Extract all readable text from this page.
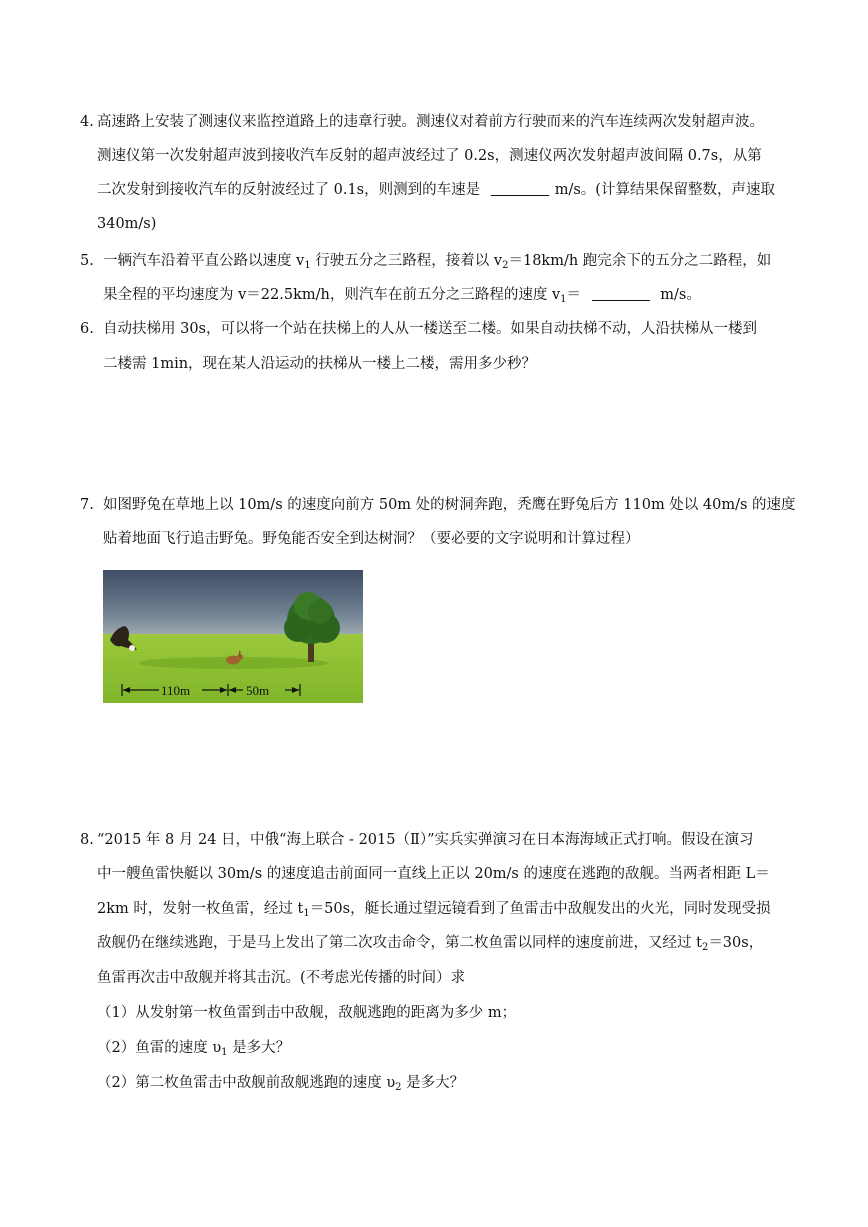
4. 高速路上安装了测速仪来监控道路上的违章行驶。测速仪对着前方行驶而来的汽车连续两次发射超声波。
测速仪第一次发射超声波到接收汽车反射的超声波经过了 0.2s，测速仪两次发射超声波间隔 0.7s，从第
二次发射到接收汽车的反射波经过了 0.1s，则测到的车速是	m/s。(计算结果保留整数，声速取
340m/s)
5. 一辆汽车沿着平直公路以速度 $v_1$ 行驶五分之三路程，接着以 $v_2=18km/h$ 跑完余下的五分之二路程，如
果全程的平均速度为 v＝22.5km/h，则汽车在前五分之三路程的速度 $v_1=$	m/s。
6. 自动扶梯用 30s，可以将一个站在扶梯上的人从一楼送至二楼。如果自动扶梯不动，人沿扶梯从一楼到
二楼需 1min，现在某人沿运动的扶梯从一楼上二楼，需用多少秒？
7. 如图野兔在草地上以 10m/s 的速度向前方 50m 处的树洞奔跑，秃鹰在野兔后方 110m 处以 40m/s 的速度
贴着地面飞行追击野兔。野兔能否安全到达树洞？（要必要的文字说明和计算过程）
110m	50m
8. “2015 年 8 月 24 日，中俄“海上联合 - 2015（Ⅱ）”实兵实弹演习在日本海海域正式打响。假设在演习
中一艘鱼雷快艇以 30m/s 的速度追击前面同一直线上正以 20m/s 的速度在逃跑的敌舰。当两者相距 L＝
2km 时，发射一枚鱼雷，经过 $t_1=50s$，艇长通过望远镜看到了鱼雷击中敌舰发出的火光，同时发现受损
敌舰仍在继续逃跑，于是马上发出了第二次攻击命令，第二枚鱼雷以同样的速度前进，又经过 $t_2=30s$，
鱼雷再次击中敌舰并将其击沉。(不考虑光传播的时间）求
（1）从发射第一枚鱼雷到击中敌舰，敌舰逃跑的距离为多少 m；
（2）鱼雷的速度 $\upsilon_1$ 是多大？
（2）第二枚鱼雷击中敌舰前敌舰逃跑的速度 $\upsilon_2$ 是多大？
